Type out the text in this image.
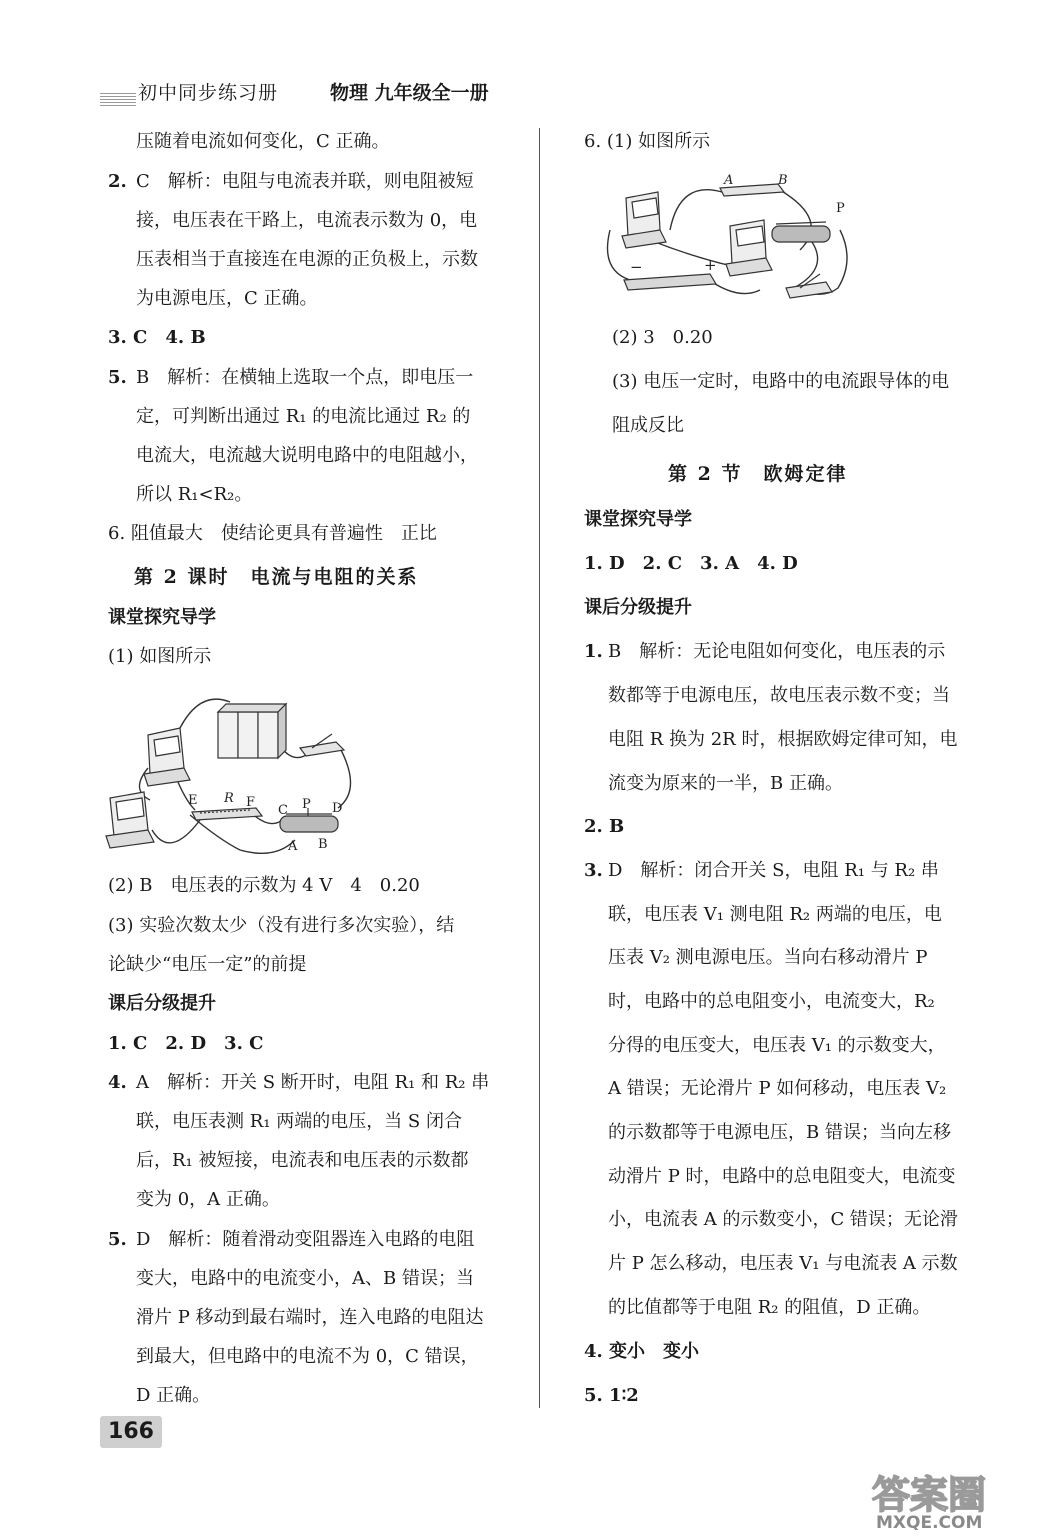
初中同步练习册	物理 九年级全一册
压随着电流如何变化，C 正确。
2. C　解析：电阻与电流表并联，则电阻被短
接，电压表在干路上，电流表示数为 0，电
压表相当于直接连在电源的正负极上，示数
为电源电压，C 正确。
3. C　4. B
5. B　解析：在横轴上选取一个点，即电压一
定，可判断出通过 R₁ 的电流比通过 R₂ 的
电流大，电流越大说明电路中的电阻越小，
所以 R₁<R₂。
6. 阻值最大　使结论更具有普遍性　正比
第 2 课时　电流与电阻的关系
课堂探究导学
(1) 如图所示
E R F
C P D
A B
(2) B　电压表的示数为 4 V　4　0.20
(3) 实验次数太少（没有进行多次实验），结
论缺少“电压一定”的前提
课后分级提升
1. C　2. D　3. C
4. A　解析：开关 S 断开时，电阻 R₁ 和 R₂ 串
联，电压表测 R₁ 两端的电压，当 S 闭合
后，R₁ 被短接，电流表和电压表的示数都
变为 0，A 正确。
5. D　解析：随着滑动变阻器连入电路的电阻
变大，电路中的电流变小，A、B 错误；当
滑片 P 移动到最右端时，连入电路的电阻达
到最大，但电路中的电流不为 0，C 错误，
D 正确。
166
6. (1) 如图所示
A	B
P
−	+
(2) 3　0.20
(3) 电压一定时，电路中的电流跟导体的电
阻成反比
第 2 节　欧姆定律
课堂探究导学
1. D　2. C　3. A　4. D
课后分级提升
1. B　解析：无论电阻如何变化，电压表的示
数都等于电源电压，故电压表示数不变；当
电阻 R 换为 2R 时，根据欧姆定律可知，电
流变为原来的一半，B 正确。
2. B
3. D　解析：闭合开关 S，电阻 R₁ 与 R₂ 串
联，电压表 V₁ 测电阻 R₂ 两端的电压，电
压表 V₂ 测电源电压。当向右移动滑片 P
时，电路中的总电阻变小，电流变大，R₂
分得的电压变大，电压表 V₁ 的示数变大，
A 错误；无论滑片 P 如何移动，电压表 V₂
的示数都等于电源电压，B 错误；当向左移
动滑片 P 时，电路中的总电阻变大，电流变
小，电流表 A 的示数变小，C 错误；无论滑
片 P 怎么移动，电压表 V₁ 与电流表 A 示数
的比值都等于电阻 R₂ 的阻值，D 正确。
4. 变小　变小
5. 1∶2
答案圈
MXQE.COM
